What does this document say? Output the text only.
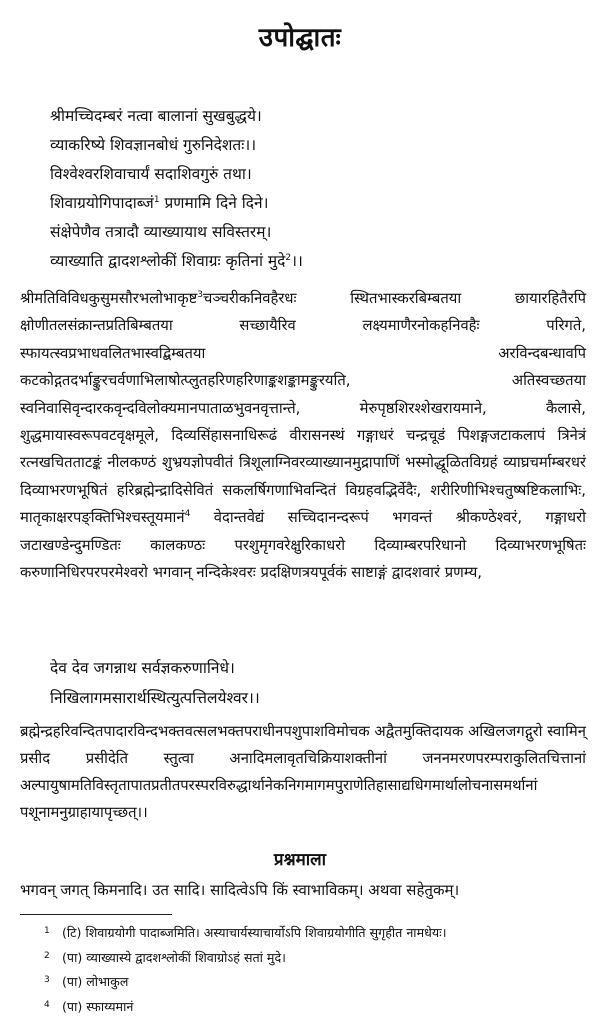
उपोद्घातः
श्रीमच्चिदम्बरं नत्वा बालानां सुखबुद्धये।
व्याकरिष्ये शिवज्ञानबोधं गुरुनिदेशतः।।
विश्वेश्वरशिवाचार्यं सदाशिवगुरुं तथा।
शिवाग्रयोगिपादाब्जं$^1$ प्रणमामि दिने दिने।
संक्षेपेणैव तत्रादौ व्याख्यायाथ सविस्तरम्।
व्याख्याति द्वादशश्लोकीं शिवाग्रः कृतिनां मुदे$^2$।।
श्रीमतिविविधकुसुमसौरभलोभाकृष्ट$^3$चञ्चरीकनिवहैरधः स्थितभास्करबिम्बतया छायारहितैरपि क्षोणीतलसंक्रान्तप्रतिबिम्बतया सच्छायैरिव लक्ष्यमाणैरनोकहनिवहैः परिगते, स्फायत्स्वप्रभाधवलितभास्वद्बिम्बतया अरविन्दबन्धावपि कटकोद्गतदर्भाङ्कुरचर्वणाभिलाषोत्प्लुतहरिणहरिणाङ्कशङ्कामङ्कुरयति, अतिस्वच्छतया स्वनिवासिवृन्दारकवृन्दविलोक्यमानपाताळभुवनवृत्तान्ते, मेरुपृष्ठशिरश्शेखरायमाने, कैलासे, शुद्धमायास्वरूपवटवृक्षमूले, दिव्यसिंहासनाधिरूढं वीरासनस्थं गङ्गाधरं चन्द्रचूडं पिशङ्गजटाकलापं त्रिनेत्रं रत्नखचितताटङ्कं नीलकण्ठं शुभ्रयज्ञोपवीतं त्रिशूलाग्निवरव्याख्यानमुद्रापाणिं भस्मोद्धूळितविग्रहं व्याघ्रचर्माम्बरधरं दिव्याभरणभूषितं हरिब्रह्मेन्द्रादिसेवितं सकलर्षिगणाभिवन्दितं विग्रहवद्भिर्वेदैः, शरीरिणीभिश्चतुष्षष्टिकलाभिः, मातृकाक्षरपङ्क्तिभिश्चस्तूयमानं$^4$ वेदान्तवेद्यं सच्चिदानन्दरूपं भगवन्तं श्रीकण्ठेश्वरं, गङ्गाधरो जटाखण्डेन्दुमण्डितः कालकण्ठः परशुमृगवरेक्षुरिकाधरो दिव्याम्बरपरिधानो दिव्याभरणभूषितः करुणानिधिरपरपरमेश्वरो भगवान् नन्दिकेश्वरः प्रदक्षिणत्रयपूर्वकं साष्टाङ्गं द्वादशवारं प्रणम्य,
देव देव जगन्नाथ सर्वज्ञकरुणानिधे।
निखिलागमसारार्थस्थित्युत्पत्तिलयेश्वर।।
ब्रह्मेन्द्रहरिवन्दितपादारविन्दभक्तवत्सलभक्तपराधीनपशुपाशविमोचक अद्वैतमुक्तिदायक अखिलजगद्गुरो स्वामिन् प्रसीद प्रसीदेति स्तुत्वा अनादिमलावृतचिक्रियाशक्तीनां जननमरणपरम्पराकुलितचित्तानां अल्पायुषामतिविस्तृतापातप्रतीतपरस्परविरुद्धार्थानेकनिगमागमपुराणेतिहासाद्यधिगमार्थालोचनासमर्थानां पशूनामनुग्राहायापृच्छत्।।
प्रश्नमाला
भगवन् जगत् किमनादि। उत सादि। सादित्वेऽपि किं स्वाभाविकम्। अथवा सहेतुकम्।
1 (टि) शिवाग्रयोगी पादाब्जमिति। अस्याचार्यस्याचार्योऽपि शिवाग्रयोगीति सुगृहीत नामधेयः।
2 (पा) व्याख्यास्ये द्वादशश्लोकीं शिवाग्रोऽहं सतां मुदे।
3 (पा) लोभाकुल
4 (पा) स्फाय्यमानं
